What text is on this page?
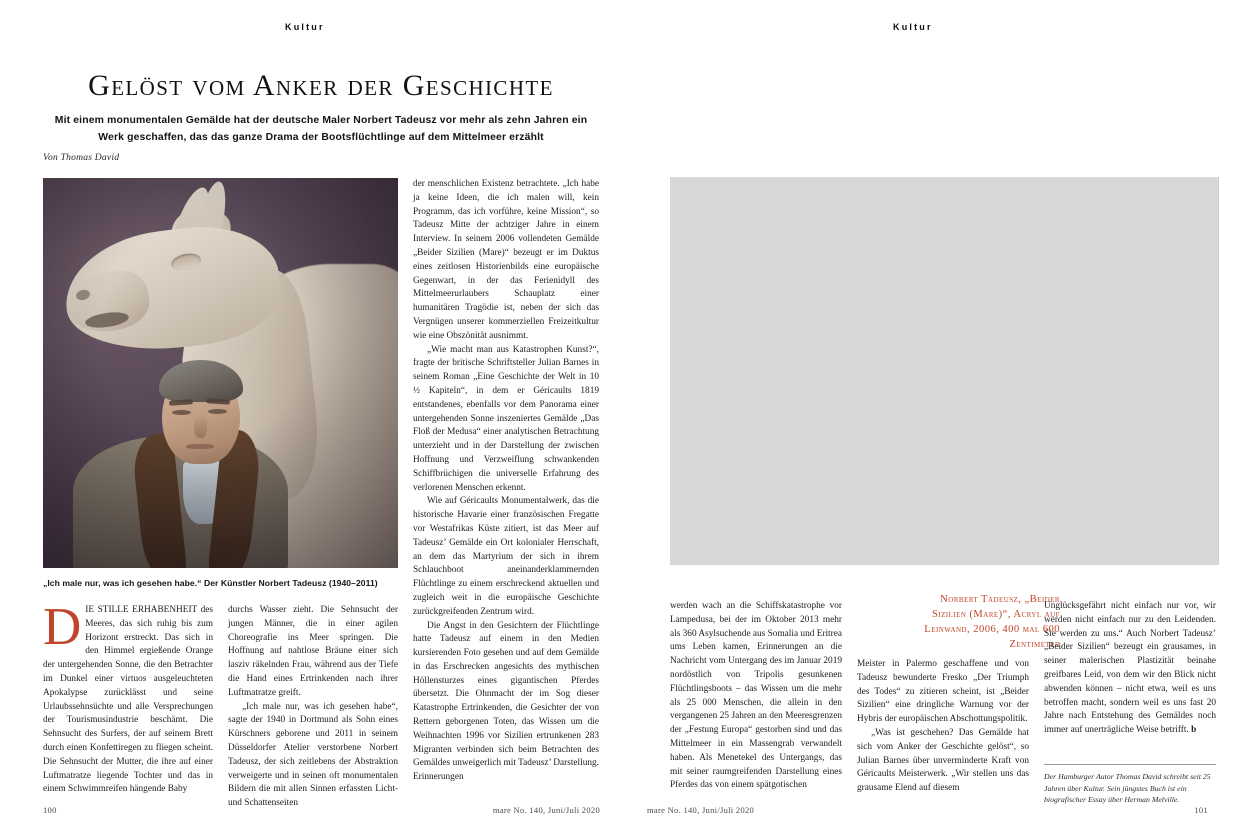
Kultur
Gelöst vom Anker der Geschichte
Mit einem monumentalen Gemälde hat der deutsche Maler Norbert Tadeusz vor mehr als zehn Jahren ein Werk geschaffen, das das ganze Drama der Bootsflüchtlinge auf dem Mittelmeer erzählt
Von Thomas David
„Ich male nur, was ich gesehen habe.“ Der Künstler Norbert Tadeusz (1940–2011)

DIE STILLE ERHABENHEIT des Meeres, das sich ruhig bis zum Horizont erstreckt. Das sich in den Himmel ergießende Orange der untergehenden Sonne, die den Betrachter im Dunkel einer virtuos ausgeleuchteten Apokalypse zurücklässt und seine Urlaubssehnsüchte und alle Versprechungen der Tourismusindustrie beschämt. Die Sehnsucht des Surfers, der auf seinem Brett durch einen Konfettiregen zu fliegen scheint. Die Sehnsucht der Mutter, die ihre auf einer Luftmatratze liegende Tochter und das in einem Schwimmreifen hängende Baby

durchs Wasser zieht. Die Sehnsucht der jungen Männer, die in einer agilen Choreografie ins Meer springen. Die Hoffnung auf nahtlose Bräune einer sich lasziv räkelnden Frau, während aus der Tiefe die Hand eines Ertrinkenden nach ihrer Luftmatratze greift.

„Ich male nur, was ich gesehen habe“, sagte der 1940 in Dortmund als Sohn eines Kürschners geborene und 2011 in seinem Düsseldorfer Atelier verstorbene Norbert Tadeusz, der sich zeitlebens der Abstraktion verweigerte und in seinen oft monumentalen Bildern die mit allen Sinnen erfassten Licht- und Schattenseiten

der menschlichen Existenz betrachtete. „Ich habe ja keine Ideen, die ich malen will, kein Programm, das ich vorführe, keine Mission“, so Tadeusz Mitte der achtziger Jahre in einem Interview. In seinem 2006 vollendeten Gemälde „Beider Sizilien (Mare)“ bezeugt er im Duktus eines zeitlosen Historienbilds eine europäische Gegenwart, in der das Ferienidyll des Mittelmeerurlaubers Schauplatz einer humanitären Tragödie ist, neben der sich das Vergnügen unserer kommerziellen Freizeitkultur wie eine Obszönität ausnimmt.

„Wie macht man aus Katastrophen Kunst?“, fragte der britische Schriftsteller Julian Barnes in seinem Roman „Eine Geschichte der Welt in 10 ½ Kapiteln“, in dem er Géricaults 1819 entstandenes, ebenfalls vor dem Panorama einer untergehenden Sonne inszeniertes Gemälde „Das Floß der Medusa“ einer analytischen Betrachtung unterzieht und in der Darstellung der zwischen Hoffnung und Verzweiflung schwankenden Schiffbrüchigen die universelle Erfahrung des verlorenen Menschen erkennt.

Wie auf Géricaults Monumentalwerk, das die historische Havarie einer französischen Fregatte vor Westafrikas Küste zitiert, ist das Meer auf Tadeusz’ Gemälde ein Ort kolonialer Herrschaft, an dem das Martyrium der sich in ihrem Schlauchboot aneinanderklammernden Flüchtlinge zu einem erschreckend aktuellen und zugleich weit in die europäische Geschichte zurückgreifenden Zentrum wird.

Die Angst in den Gesichtern der Flüchtlinge hatte Tadeusz auf einem in den Medien kursierenden Foto gesehen und auf dem Gemälde in das Erschrecken angesichts des mythischen Höllensturzes eines gigantischen Pferdes übersetzt. Die Ohnmacht der im Sog dieser Katastrophe Ertrinkenden, die Gesichter der von Rettern geborgenen Toten, das Wissen um die Weihnachten 1996 vor Sizilien ertrunkenen 283 Migranten verbinden sich beim Betrachten des Gemäldes unweigerlich mit Tadeusz’ Darstellung. Erinnerungen

100	mare No. 140, Juni/Juli 2020
Kultur
mare No. 140, Juni/Juli 2020	101
Norbert Tadeusz, „Beider Sizilien (Mare)“, Acryl auf Leinwand, 2006, 400 mal 600 Zentimeter

werden wach an die Schiffskatastrophe vor Lampedusa, bei der im Oktober 2013 mehr als 360 Asylsuchende aus Somalia und Eritrea ums Leben kamen, Erinnerungen an die Nachricht vom Untergang des im Januar 2019 nordöstlich von Tripolis gesunkenen Flüchtlingsboots – das Wissen um die mehr als 25 000 Menschen, die allein in den vergangenen 25 Jahren an den Meeresgrenzen der „Festung Europa“ gestorben sind und das Mittelmeer in ein Massengrab verwandelt haben. Als Menetekel des Untergangs, das mit seiner raumgreifenden Darstellung eines Pferdes das von einem spätgotischen

Meister in Palermo geschaffene und von Tadeusz bewunderte Fresko „Der Triumph des Todes“ zu zitieren scheint, ist „Beider Sizilien“ eine dringliche Warnung vor der Hybris der europäischen Abschottungspolitik.

„Was ist geschehen? Das Gemälde hat sich vom Anker der Geschichte gelöst“, so Julian Barnes über unverminderte Kraft von Géricaults Meisterwerk. „Wir stellen uns das grausame Elend auf diesem

Unglücksgefährt nicht einfach nur vor, wir werden nicht einfach nur zu den Leidenden. Sie werden zu uns.“ Auch Norbert Tadeusz’ „Beider Sizilien“ bezeugt ein grausames, in seiner malerischen Plastizität beinahe greifbares Leid, von dem wir den Blick nicht abwenden können – nicht etwa, weil es uns betroffen macht, sondern weil es uns fast 20 Jahre nach Entstehung des Gemäldes noch immer auf unerträgliche Weise betrifft. b

Der Hamburger Autor Thomas David schreibt seit 25 Jahren über Kultur. Sein jüngstes Buch ist ein biografischer Essay über Herman Melville.
